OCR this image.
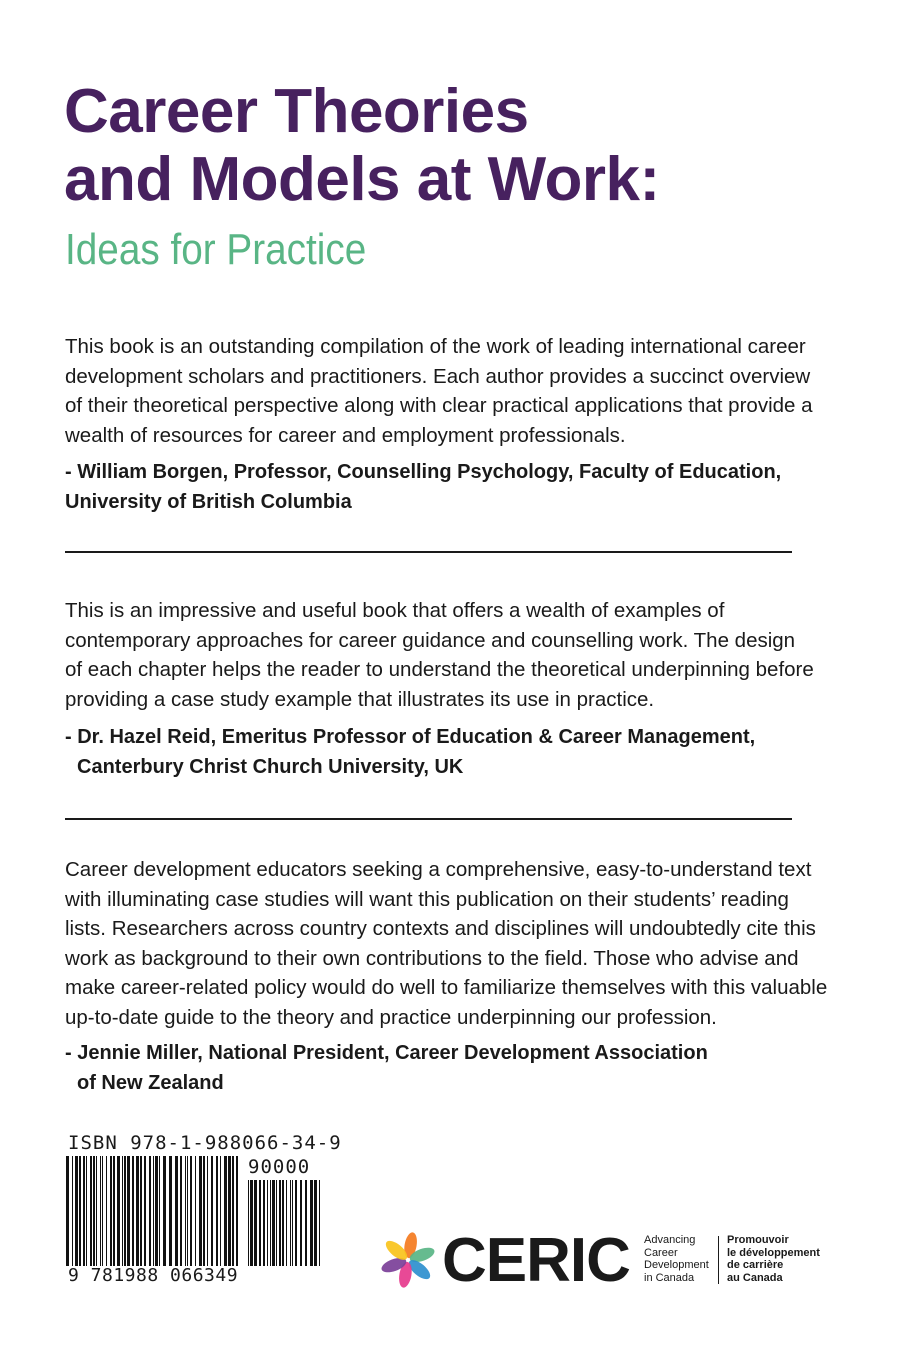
Career Theories
and Models at Work:
Ideas for Practice

This book is an outstanding compilation of the work of leading international career
development scholars and practitioners. Each author provides a succinct overview
of their theoretical perspective along with clear practical applications that provide a
wealth of resources for career and employment professionals.

- William Borgen, Professor, Counselling Psychology, Faculty of Education,
University of British Columbia

This is an impressive and useful book that offers a wealth of examples of
contemporary approaches for career guidance and counselling work. The design
of each chapter helps the reader to understand the theoretical underpinning before
providing a case study example that illustrates its use in practice.

- Dr. Hazel Reid, Emeritus Professor of Education & Career Management,
Canterbury Christ Church University, UK

Career development educators seeking a comprehensive, easy-to-understand text
with illuminating case studies will want this publication on their students’ reading
lists. Researchers across country contexts and disciplines will undoubtedly cite this
work as background to their own contributions to the field. Those who advise and
make career-related policy would do well to familiarize themselves with this valuable
up-to-date guide to the theory and practice underpinning our profession.

- Jennie Miller, National President, Career Development Association
of New Zealand

ISBN 978-1-988066-34-9
90000
9 781988 066349	CERIC Advancing
Career
Development
in Canada
Promouvoir
le développement
de carrière
au Canada
